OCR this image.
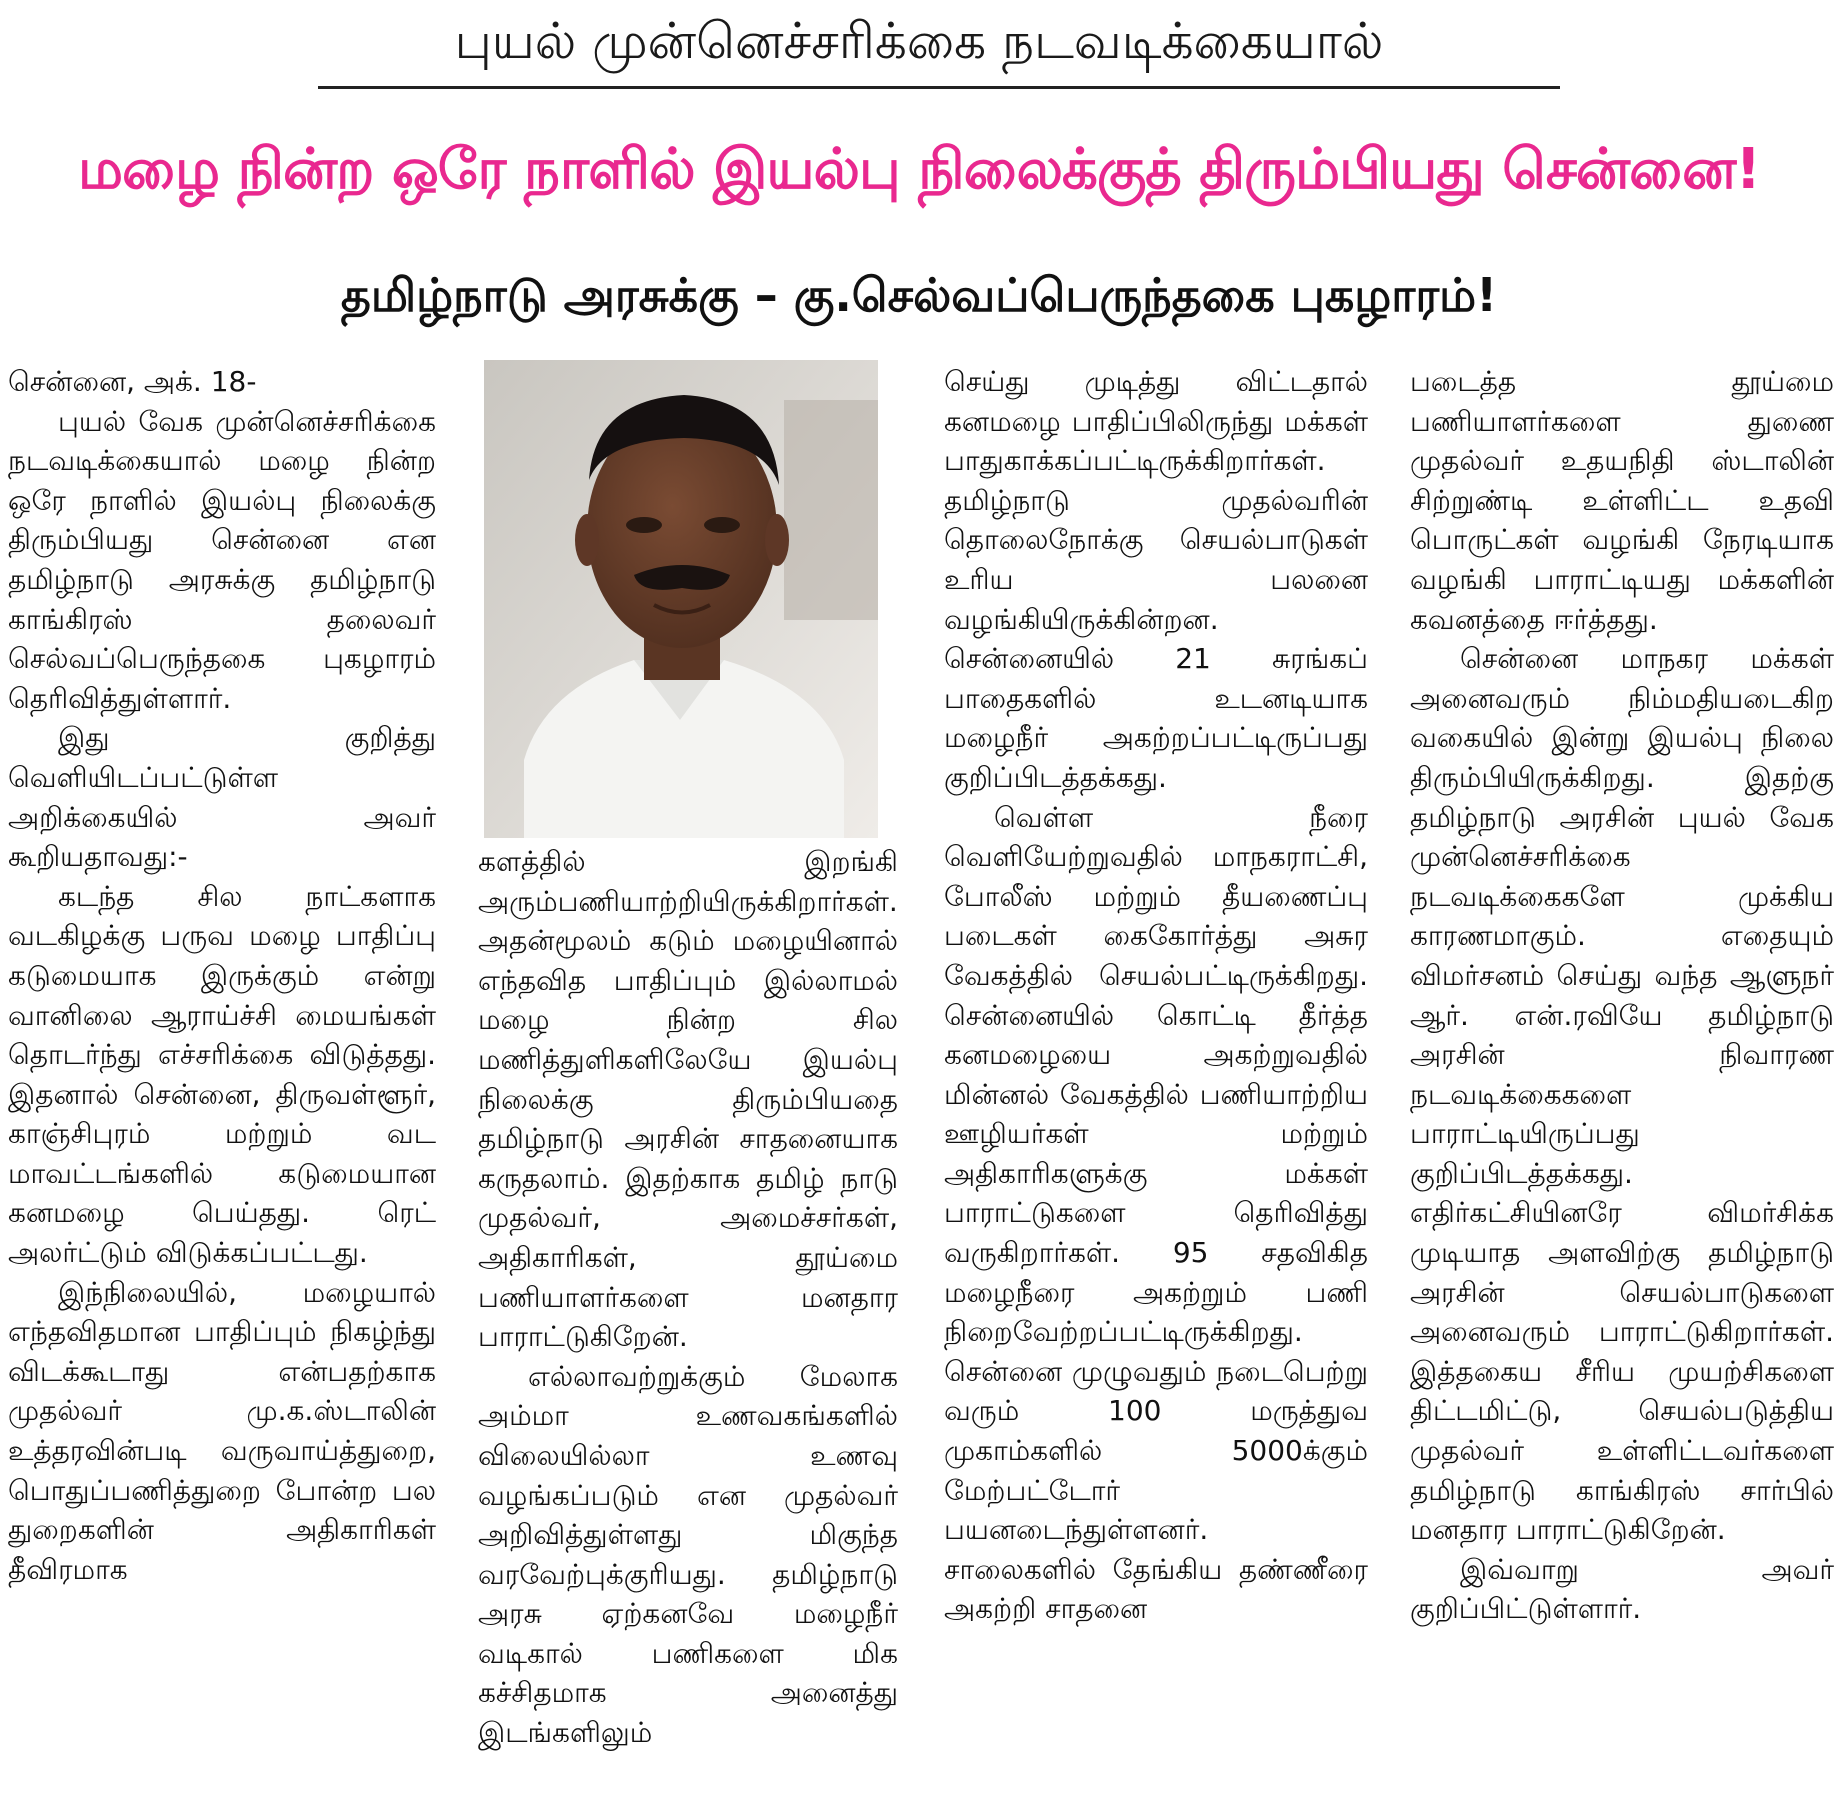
புயல் முன்னெச்சரிக்கை நடவடிக்கையால்
மழை நின்ற ஒரே நாளில் இயல்பு நிலைக்குத் திரும்பியது சென்னை!
தமிழ்நாடு அரசுக்கு – கு.செல்வப்பெருந்தகை புகழாரம்!

சென்னை, அக். 18-

புயல் வேக முன்னெச்சரிக்கை நடவடிக்கையால் மழை நின்ற ஒரே நாளில் இயல்பு நிலைக்கு திரும்பியது சென்னை என தமிழ்நாடு அரசுக்கு தமிழ்நாடு காங்கிரஸ் தலைவர் செல்வப்பெருந்தகை புகழாரம் தெரிவித்துள்ளார்.

இது குறித்து வெளியிடப்பட்டுள்ள அறிக்கையில் அவர் கூறியதாவது:-

கடந்த சில நாட்களாக வடகிழக்கு பருவ மழை பாதிப்பு கடுமையாக இருக்கும் என்று வானிலை ஆராய்ச்சி மையங்கள் தொடர்ந்து எச்சரிக்கை விடுத்தது. இதனால் சென்னை, திருவள்ளூர், காஞ்சிபுரம் மற்றும் வட மாவட்டங்களில் கடுமையான கனமழை பெய்தது. ரெட் அலர்ட்டும் விடுக்கப்பட்டது.

இந்நிலையில், மழையால் எந்தவிதமான பாதிப்பும் நிகழ்ந்து விடக்கூடாது என்பதற்காக முதல்வர் மு.க.ஸ்டாலின் உத்தரவின்படி வருவாய்த்துறை, பொதுப்பணித்துறை போன்ற பல துறைகளின் அதிகாரிகள் தீவிரமாக

களத்தில் இறங்கி அரும்பணியாற்றியிருக்கிறார்கள். அதன்மூலம் கடும் மழையினால் எந்தவித பாதிப்பும் இல்லாமல் மழை நின்ற சில மணித்துளிகளிலேயே இயல்பு நிலைக்கு திரும்பியதை தமிழ்நாடு அரசின் சாதனையாக கருதலாம். இதற்காக தமிழ் நாடு முதல்வர், அமைச்சர்கள், அதிகாரிகள், தூய்மை பணியாளர்களை மனதார பாராட்டுகிறேன்.

எல்லாவற்றுக்கும் மேலாக அம்மா உணவகங்களில் விலையில்லா உணவு வழங்கப்படும் என முதல்வர் அறிவித்துள்ளது மிகுந்த வரவேற்புக்குரியது. தமிழ்நாடு அரசு ஏற்கனவே மழைநீர் வடிகால் பணிகளை மிக கச்சிதமாக அனைத்து இடங்களிலும்

செய்து முடித்து விட்டதால் கனமழை பாதிப்பிலிருந்து மக்கள் பாதுகாக்கப்பட்டிருக்கிறார்கள். தமிழ்நாடு முதல்வரின் தொலைநோக்கு செயல்பாடுகள் உரிய பலனை வழங்கியிருக்கின்றன. சென்னையில் 21 சுரங்கப் பாதைகளில் உடனடியாக மழைநீர் அகற்றப்பட்டிருப்பது குறிப்பிடத்தக்கது.

வெள்ள நீரை வெளியேற்றுவதில் மாநகராட்சி, போலீஸ் மற்றும் தீயணைப்பு படைகள் கைகோர்த்து அசுர வேகத்தில் செயல்பட்டிருக்கிறது. சென்னையில் கொட்டி தீர்த்த கனமழையை அகற்றுவதில் மின்னல் வேகத்தில் பணியாற்றிய ஊழியர்கள் மற்றும் அதிகாரிகளுக்கு மக்கள் பாராட்டுகளை தெரிவித்து வருகிறார்கள். 95 சதவிகித மழைநீரை அகற்றும் பணி நிறைவேற்றப்பட்டிருக்கிறது. சென்னை முழுவதும் நடைபெற்று வரும் 100 மருத்துவ முகாம்களில் 5000க்கும் மேற்பட்டோர் பயனடைந்துள்ளனர். சாலைகளில் தேங்கிய தண்ணீரை அகற்றி சாதனை

படைத்த தூய்மை பணியாளர்களை துணை முதல்வர் உதயநிதி ஸ்டாலின் சிற்றுண்டி உள்ளிட்ட உதவி பொருட்கள் வழங்கி நேரடியாக வழங்கி பாராட்டியது மக்களின் கவனத்தை ஈர்த்தது.

சென்னை மாநகர மக்கள் அனைவரும் நிம்மதியடைகிற வகையில் இன்று இயல்பு நிலை திரும்பியிருக்கிறது. இதற்கு தமிழ்நாடு அரசின் புயல் வேக முன்னெச்சரிக்கை நடவடிக்கைகளே முக்கிய காரணமாகும். எதையும் விமர்சனம் செய்து வந்த ஆளுநர் ஆர். என்.ரவியே தமிழ்நாடு அரசின் நிவாரண நடவடிக்கைகளை பாராட்டியிருப்பது குறிப்பிடத்தக்கது. எதிர்கட்சியினரே விமர்சிக்க முடியாத அளவிற்கு தமிழ்நாடு அரசின் செயல்பாடுகளை அனைவரும் பாராட்டுகிறார்கள். இத்தகைய சீரிய முயற்சிகளை திட்டமிட்டு, செயல்படுத்திய முதல்வர் உள்ளிட்டவர்களை தமிழ்நாடு காங்கிரஸ் சார்பில் மனதார பாராட்டுகிறேன்.

இவ்வாறு அவர் குறிப்பிட்டுள்ளார்.
